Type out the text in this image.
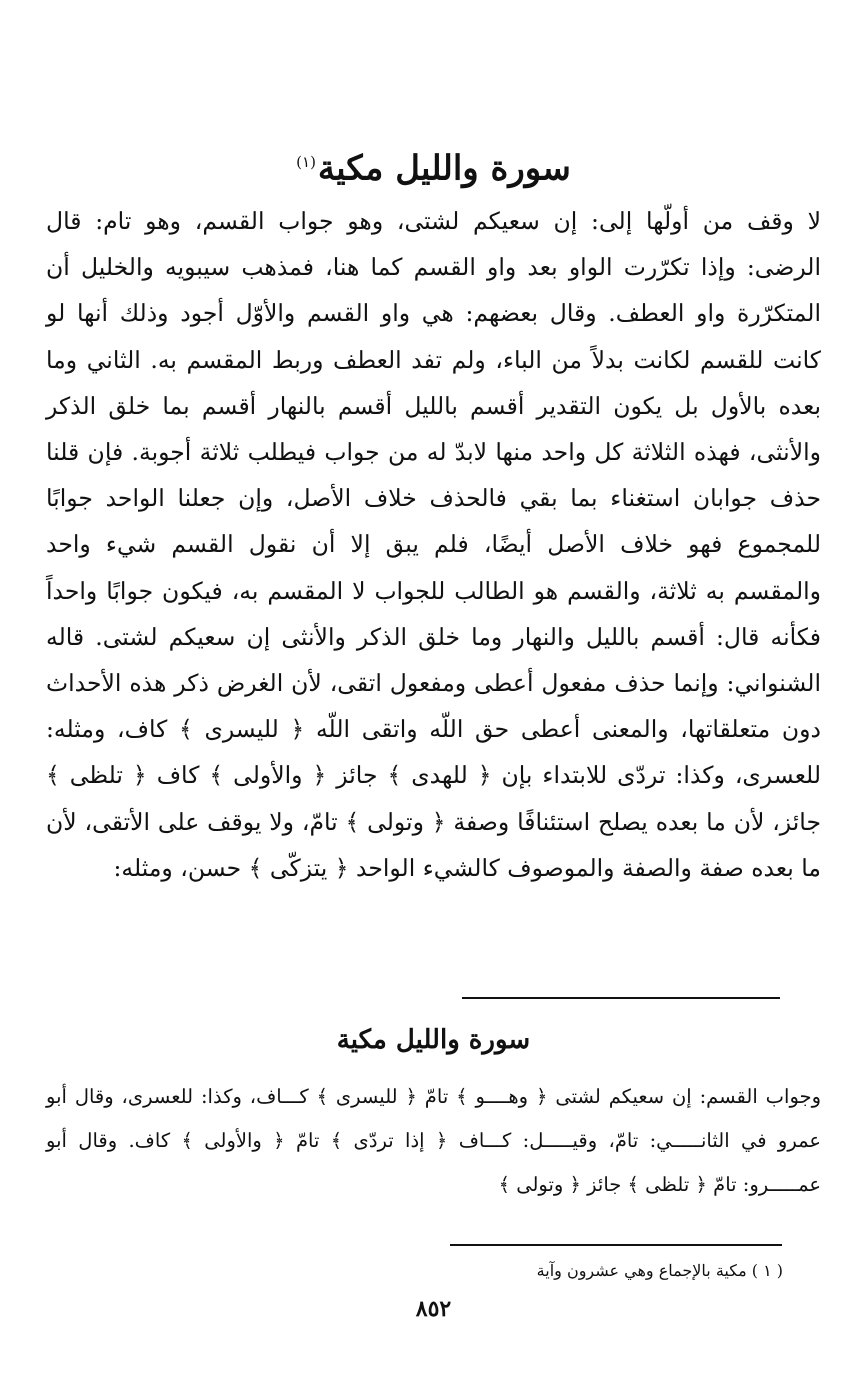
سورة والليل مكية$^{(١)}$
لا وقف من أولّها إلى: إن سعيكم لشتى، وهو جواب القسم، وهو تام: قال الرضى: وإذا تكرّرت الواو بعد واو القسم كما هنا، فمذهب سيبويه والخليل أن المتكرّرة واو العطف. وقال بعضهم: هي واو القسم والأوّل أجود وذلك أنها لو كانت للقسم لكانت بدلاً من الباء، ولم تفد العطف وربط المقسم به. الثاني وما بعده بالأول بل يكون التقدير أقسم بالليل أقسم بالنهار أقسم بما خلق الذكر والأنثى، فهذه الثلاثة كل واحد منها لابدّ له من جواب فيطلب ثلاثة أجوبة. فإن قلنا حذف جوابان استغناء بما بقي فالحذف خلاف الأصل، وإن جعلنا الواحد جوابًا للمجموع فهو خلاف الأصل أيضًا، فلم يبق إلا أن نقول القسم شيء واحد والمقسم به ثلاثة، والقسم هو الطالب للجواب لا المقسم به، فيكون جوابًا واحداً فكأنه قال: أقسم بالليل والنهار وما خلق الذكر والأنثى إن سعيكم لشتى. قاله الشنواني: وإنما حذف مفعول أعطى ومفعول اتقى، لأن الغرض ذكر هذه الأحداث دون متعلقاتها، والمعنى أعطى حق اللّه واتقى اللّه ﴿ لليسرى ﴾ كاف، ومثله: للعسرى، وكذا: تردّى للابتداء بإن ﴿ للهدى ﴾ جائز ﴿ والأولى ﴾ كاف ﴿ تلظى ﴾ جائز، لأن ما بعده يصلح استئنافًا وصفة ﴿ وتولى ﴾ تامّ، ولا يوقف على الأتقى، لأن ما بعده صفة والصفة والموصوف كالشيء الواحد ﴿ يتزكّى ﴾ حسن، ومثله:
سورة والليل مكية
وجواب القسم: إن سعيكم لشتى ﴿ وهــــو ﴾ تامّ ﴿ لليسرى ﴾ كـــاف، وكذا: للعسرى، وقال أبو عمرو في الثانـــــي: تامّ، وقيـــــل: كـــاف ﴿ إذا تردّى ﴾ تامّ ﴿ والأولى ﴾ كاف. وقال أبو عمـــــرو: تامّ ﴿ تلظى ﴾ جائز ﴿ وتولى ﴾
( ١ ) مكية بالإجماع وهي عشرون وآية
٨٥٢
